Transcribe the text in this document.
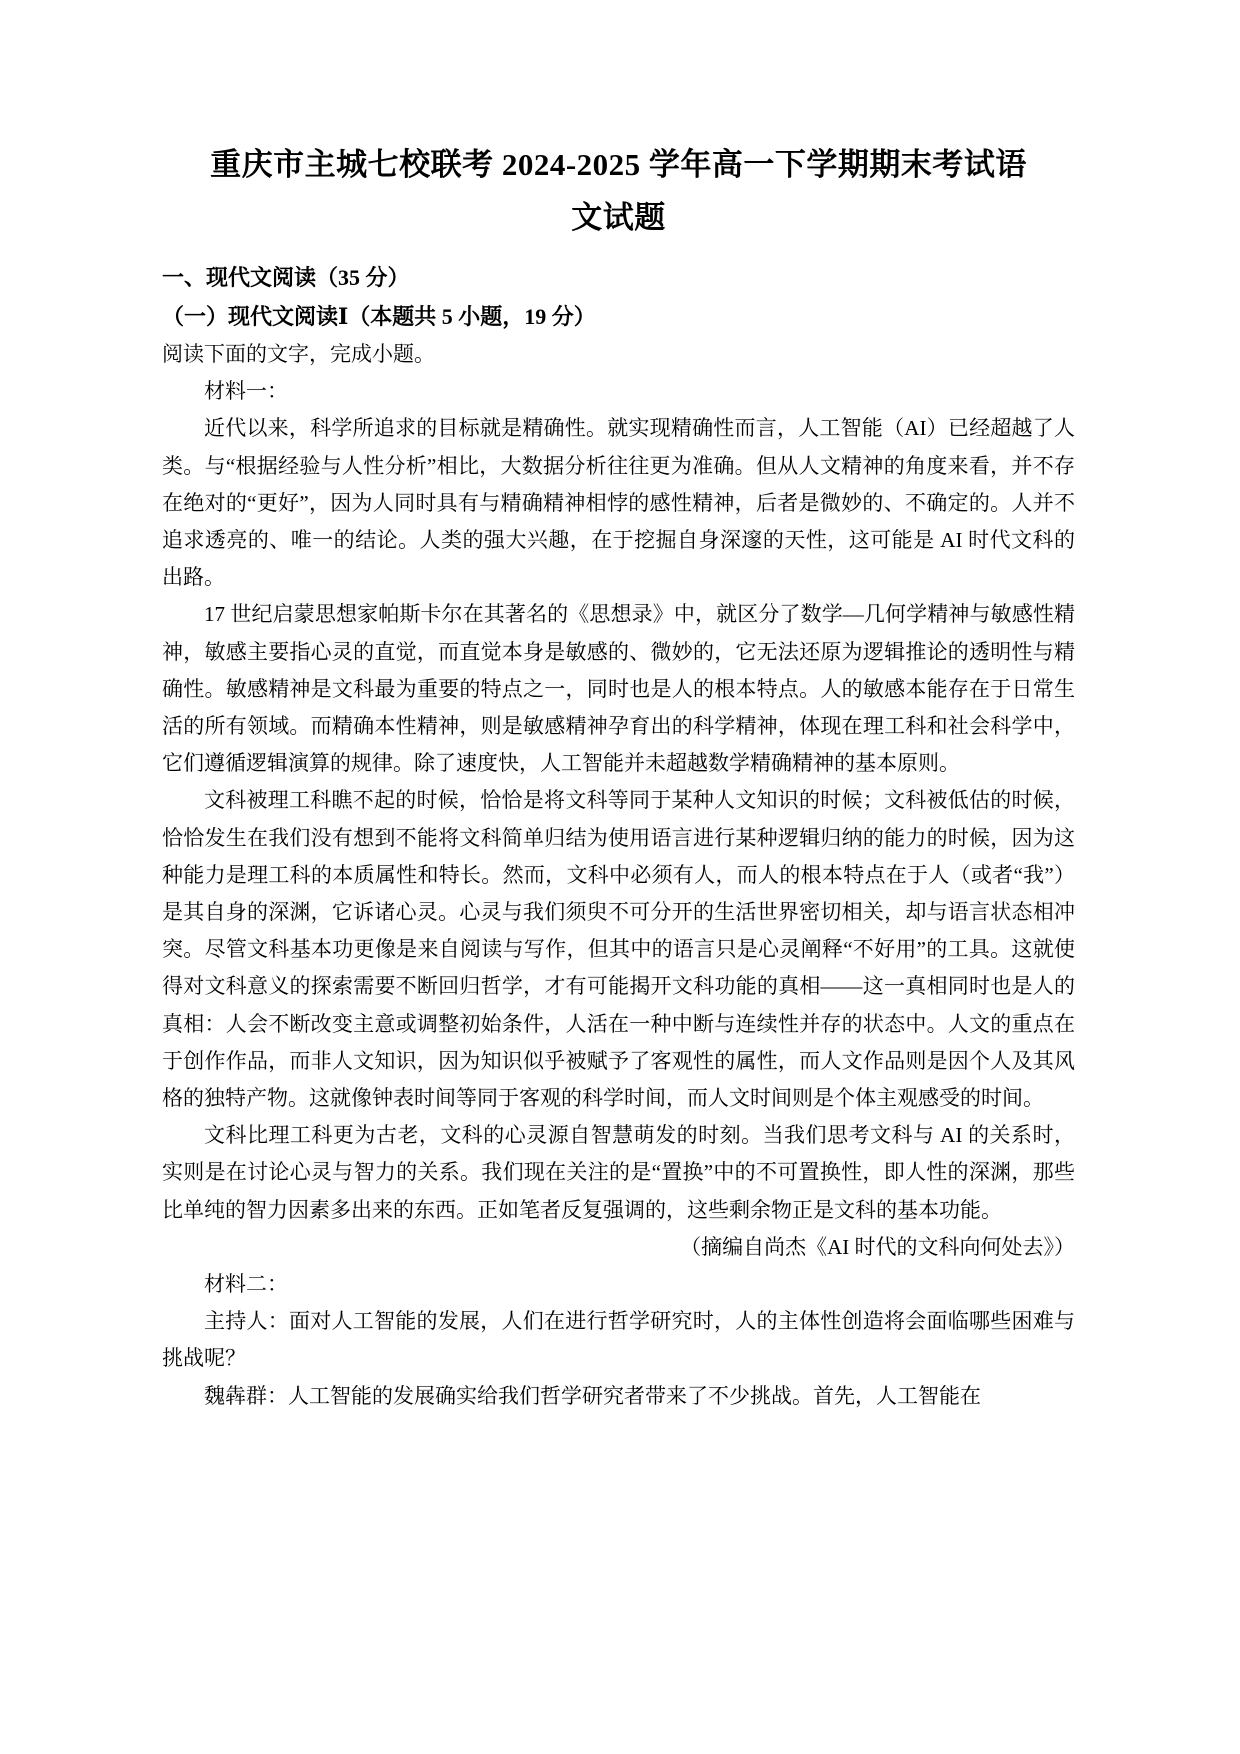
重庆市主城七校联考 2024-2025 学年高一下学期期末考试语文试题
一、现代文阅读（35 分）
（一）现代文阅读Ⅰ（本题共 5 小题，19 分）

阅读下面的文字，完成小题。

材料一：

近代以来，科学所追求的目标就是精确性。就实现精确性而言，人工智能（AI）已经超越了人类。与“根据经验与人性分析”相比，大数据分析往往更为准确。但从人文精神的角度来看，并不存在绝对的“更好”，因为人同时具有与精确精神相悖的感性精神，后者是微妙的、不确定的。人并不追求透亮的、唯一的结论。人类的强大兴趣，在于挖掘自身深邃的天性，这可能是 AI 时代文科的出路。

17 世纪启蒙思想家帕斯卡尔在其著名的《思想录》中，就区分了数学—几何学精神与敏感性精神，敏感主要指心灵的直觉，而直觉本身是敏感的、微妙的，它无法还原为逻辑推论的透明性与精确性。敏感精神是文科最为重要的特点之一，同时也是人的根本特点。人的敏感本能存在于日常生活的所有领域。而精确本性精神，则是敏感精神孕育出的科学精神，体现在理工科和社会科学中，它们遵循逻辑演算的规律。除了速度快，人工智能并未超越数学精确精神的基本原则。

文科被理工科瞧不起的时候，恰恰是将文科等同于某种人文知识的时候；文科被低估的时候，恰恰发生在我们没有想到不能将文科简单归结为使用语言进行某种逻辑归纳的能力的时候，因为这种能力是理工科的本质属性和特长。然而，文科中必须有人，而人的根本特点在于人（或者“我”）是其自身的深渊，它诉诸心灵。心灵与我们须臾不可分开的生活世界密切相关，却与语言状态相冲突。尽管文科基本功更像是来自阅读与写作，但其中的语言只是心灵阐释“不好用”的工具。这就使得对文科意义的探索需要不断回归哲学，才有可能揭开文科功能的真相——这一真相同时也是人的真相：人会不断改变主意或调整初始条件，人活在一种中断与连续性并存的状态中。人文的重点在于创作作品，而非人文知识，因为知识似乎被赋予了客观性的属性，而人文作品则是因个人及其风格的独特产物。这就像钟表时间等同于客观的科学时间，而人文时间则是个体主观感受的时间。

文科比理工科更为古老，文科的心灵源自智慧萌发的时刻。当我们思考文科与 AI 的关系时，实则是在讨论心灵与智力的关系。我们现在关注的是“置换”中的不可置换性，即人性的深渊，那些比单纯的智力因素多出来的东西。正如笔者反复强调的，这些剩余物正是文科的基本功能。

（摘编自尚杰《AI 时代的文科向何处去》）

材料二：

主持人：面对人工智能的发展，人们在进行哲学研究时，人的主体性创造将会面临哪些困难与挑战呢？

魏犇群：人工智能的发展确实给我们哲学研究者带来了不少挑战。首先，人工智能在
